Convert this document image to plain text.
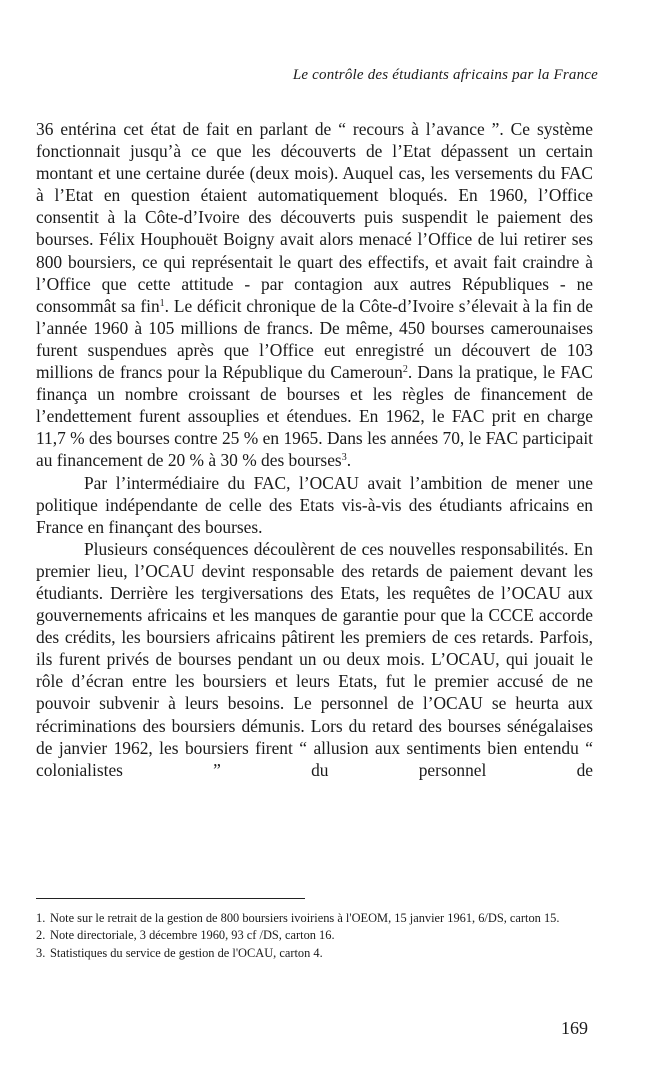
Le contrôle des étudiants africains par la France

36 entérina cet état de fait en parlant de “ recours à l’avance ”. Ce système fonctionnait jusqu’à ce que les découverts de l’Etat dépassent un certain montant et une certaine durée (deux mois). Auquel cas, les versements du FAC à l’Etat en question étaient automatiquement bloqués. En 1960, l’Office consentit à la Côte-d’Ivoire des découverts puis suspendit le paiement des bourses. Félix Houphouët Boigny avait alors menacé l’Office de lui retirer ses 800 boursiers, ce qui représentait le quart des effectifs, et avait fait craindre à l’Office que cette attitude - par contagion aux autres Républiques - ne consommât sa fin$^1$. Le déficit chronique de la Côte-d’Ivoire s’élevait à la fin de l’année 1960 à 105 millions de francs. De même, 450 bourses camerounaises furent suspendues après que l’Office eut enregistré un découvert de 103 millions de francs pour la République du Cameroun$^2$. Dans la pratique, le FAC finança un nombre croissant de bourses et les règles de financement de l’endettement furent assouplies et étendues. En 1962, le FAC prit en charge 11,7 % des bourses contre 25 % en 1965. Dans les années 70, le FAC participait au financement de 20 % à 30 % des bourses$^3$.

Par l’intermédiaire du FAC, l’OCAU avait l’ambition de mener une politique indépendante de celle des Etats vis-à-vis des étudiants africains en France en finançant des bourses.

Plusieurs conséquences découlèrent de ces nouvelles responsabilités. En premier lieu, l’OCAU devint responsable des retards de paiement devant les étudiants. Derrière les tergiversations des Etats, les requêtes de l’OCAU aux gouvernements africains et les manques de garantie pour que la CCCE accorde des crédits, les boursiers africains pâtirent les premiers de ces retards. Parfois, ils furent privés de bourses pendant un ou deux mois. L’OCAU, qui jouait le rôle d’écran entre les boursiers et leurs Etats, fut le premier accusé de ne pouvoir subvenir à leurs besoins. Le personnel de l’OCAU se heurta aux récriminations des boursiers démunis. Lors du retard des bourses sénégalaises de janvier 1962, les boursiers firent “ allusion aux sentiments bien entendu “ colonialistes ” du personnel de

1. Note sur le retrait de la gestion de 800 boursiers ivoiriens à l'OEOM, 15 janvier 1961, 6/DS, carton 15.
2. Note directoriale, 3 décembre 1960, 93 cf /DS, carton 16.
3. Statistiques du service de gestion de l'OCAU, carton 4.
169
